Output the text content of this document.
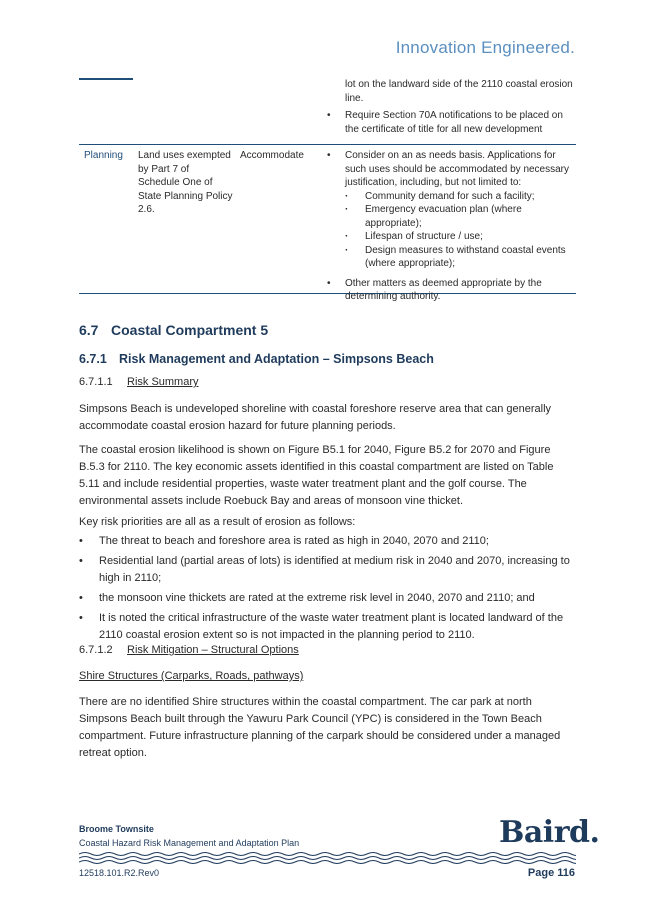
Innovation Engineered.
lot on the landward side of the 2110 coastal erosion line.
• Require Section 70A notifications to be placed on the certificate of title for all new development
Planning	Land uses exempted by Part 7 of Schedule One of State Planning Policy 2.6.
Accommodate
•	Consider on an as needs basis. Applications for such uses should be accommodated by necessary justification, including, but not limited to:
· Community demand for such a facility;
· Emergency evacuation plan (where appropriate);
· Lifespan of structure / use;
· Design measures to withstand coastal events (where appropriate);
• Other matters as deemed appropriate by the determining authority.
6.7 Coastal Compartment 5
6.7.1 Risk Management and Adaptation – Simpsons Beach
6.7.1.1 Risk Summary
Simpsons Beach is undeveloped shoreline with coastal foreshore reserve area that can generally accommodate coastal erosion hazard for future planning periods.
The coastal erosion likelihood is shown on Figure B5.1 for 2040, Figure B5.2 for 2070 and Figure B.5.3 for 2110. The key economic assets identified in this coastal compartment are listed on Table 5.11 and include residential properties, waste water treatment plant and the golf course. The environmental assets include Roebuck Bay and areas of monsoon vine thicket.
Key risk priorities are all as a result of erosion as follows:
• The threat to beach and foreshore area is rated as high in 2040, 2070 and 2110;
• Residential land (partial areas of lots) is identified at medium risk in 2040 and 2070, increasing to high in 2110;
• the monsoon vine thickets are rated at the extreme risk level in 2040, 2070 and 2110; and
• It is noted the critical infrastructure of the waste water treatment plant is located landward of the 2110 coastal erosion extent so is not impacted in the planning period to 2110.
6.7.1.2 Risk Mitigation – Structural Options
Shire Structures (Carparks, Roads, pathways)
There are no identified Shire structures within the coastal compartment. The car park at north Simpsons Beach built through the Yawuru Park Council (YPC) is considered in the Town Beach compartment. Future infrastructure planning of the carpark should be considered under a managed retreat option.
Broome Townsite
Coastal Hazard Risk Management and Adaptation Plan	Baird.
12518.101.R2.Rev0	Page 116
